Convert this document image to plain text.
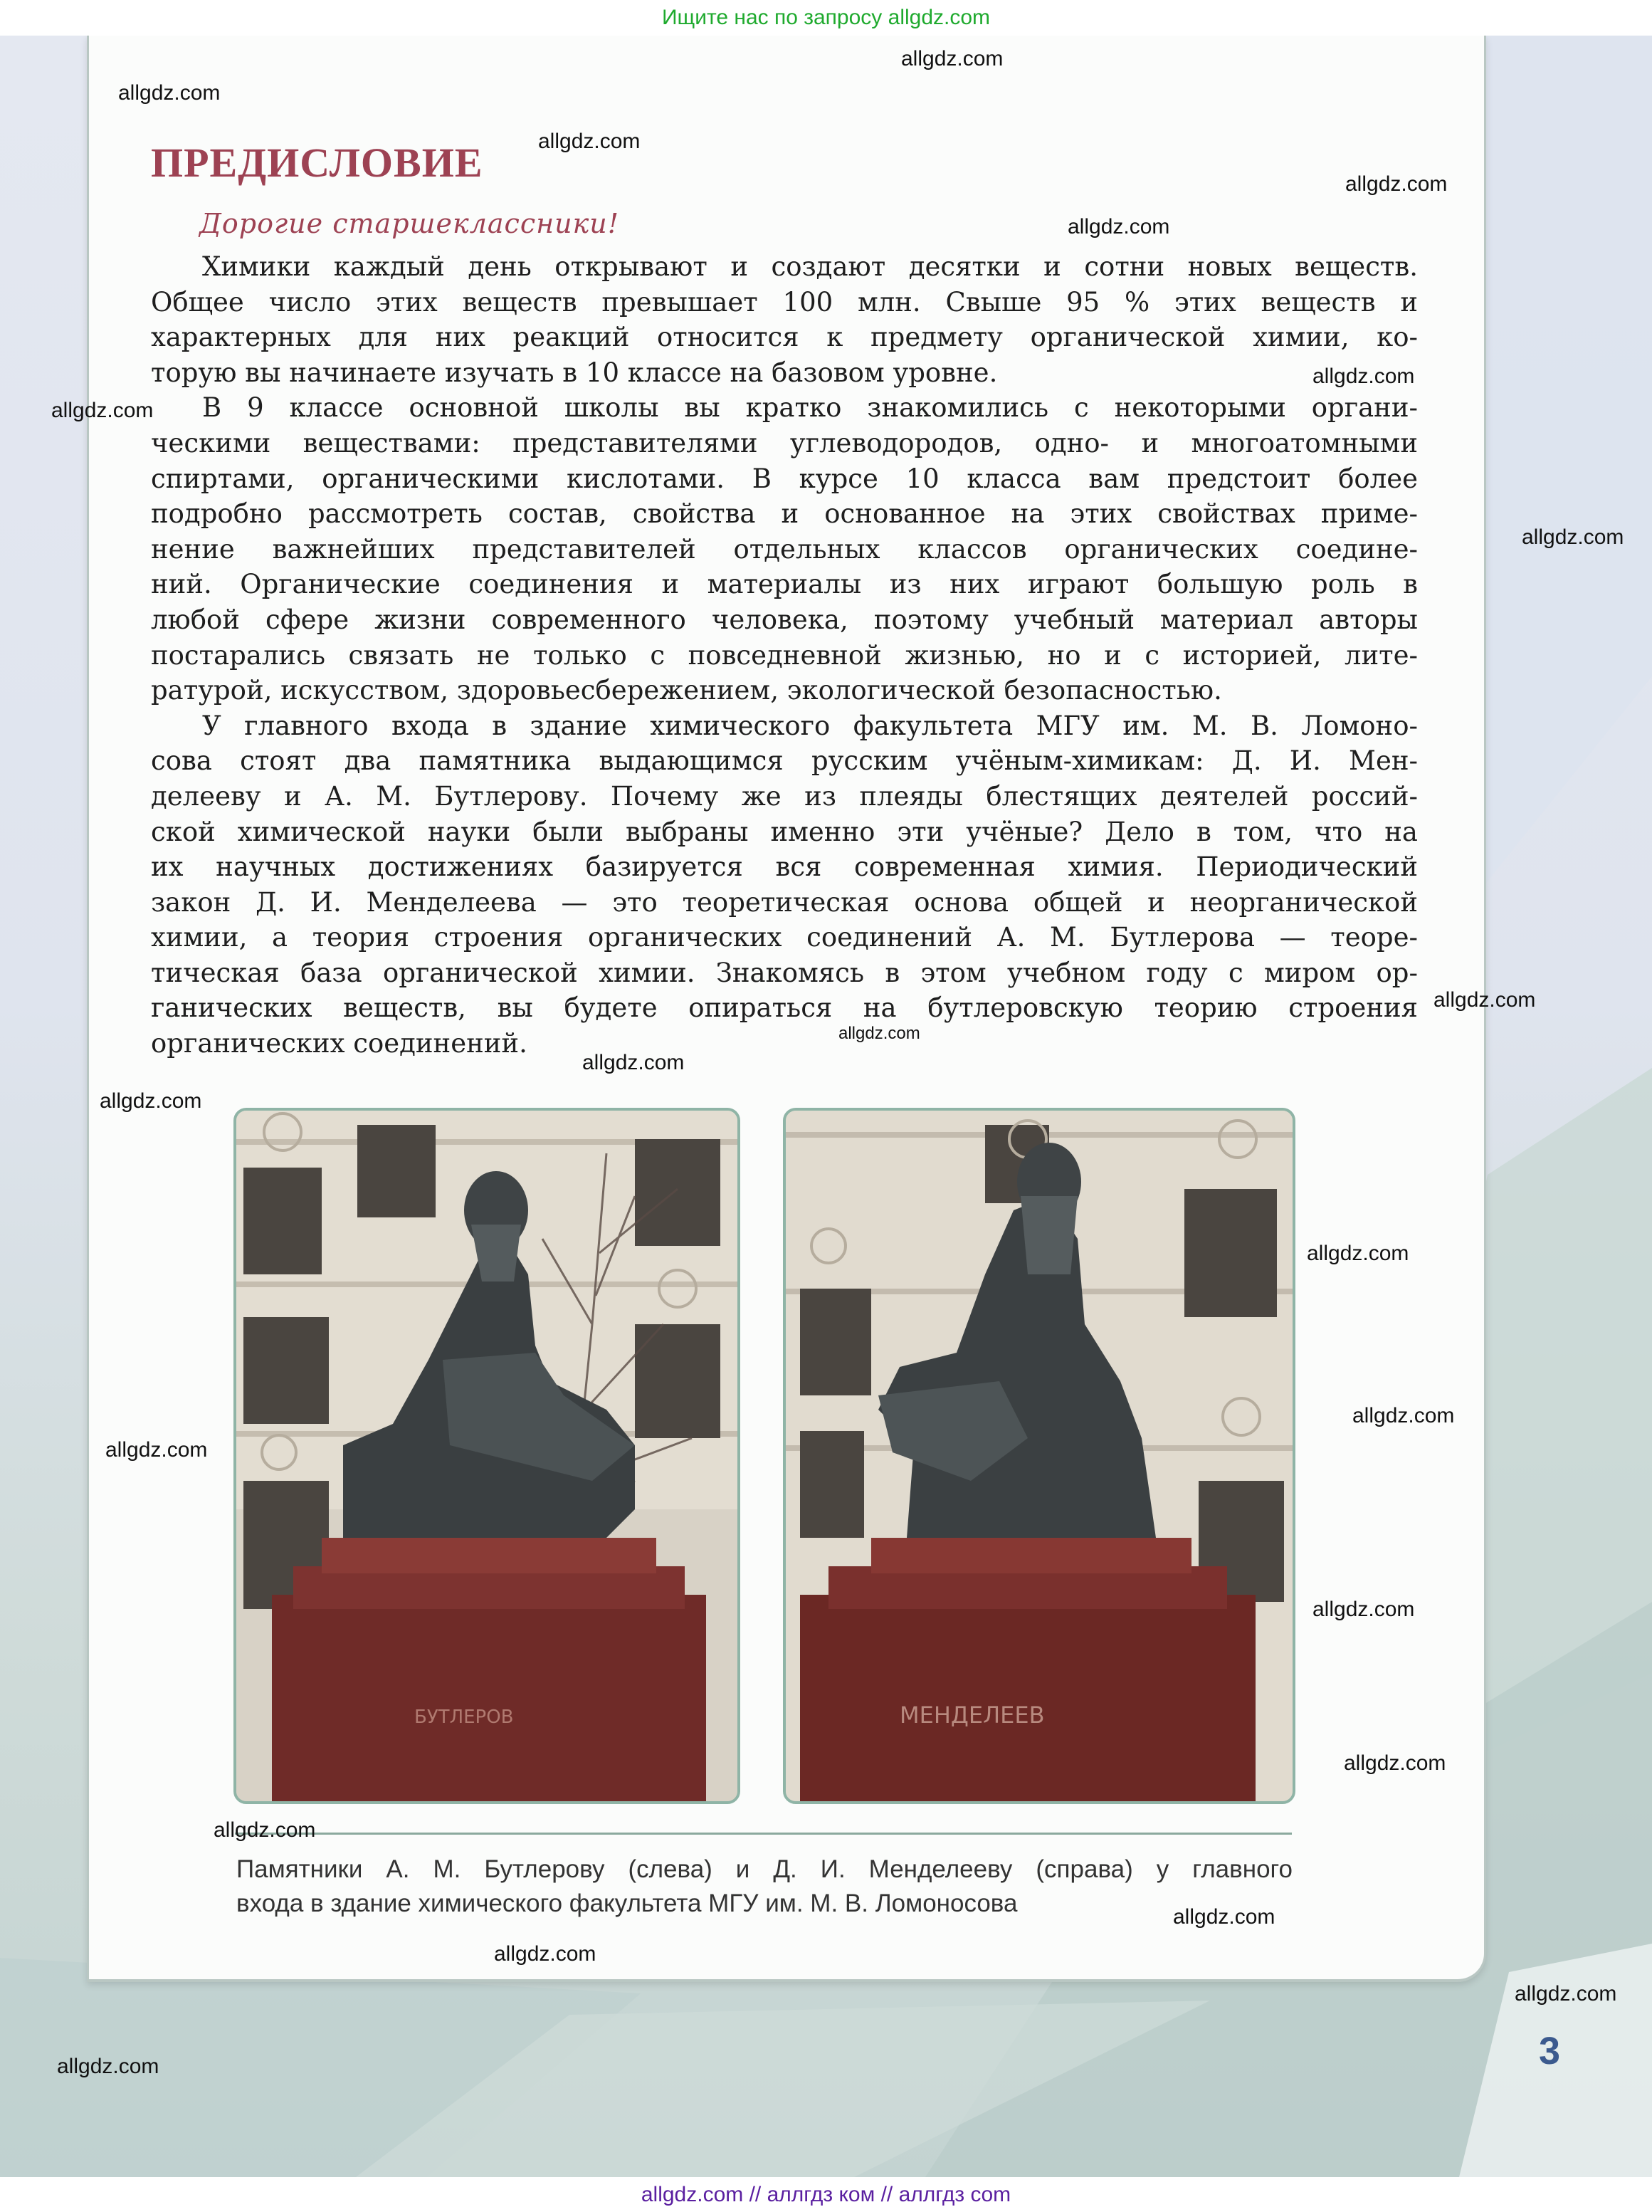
Ищите нас по запросу allgdz.com
ПРЕДИСЛОВИЕ

Дорогие старшеклассники!

Химики каждый день открывают и создают десятки и сотни новых веществ.
Общее число этих веществ превышает 100 млн. Свыше 95 % этих веществ и
характерных для них реакций относится к предмету органической химии, ко-
торую вы начинаете изучать в 10 классе на базовом уровне.
В 9 классе основной школы вы кратко знакомились с некоторыми органи-
ческими веществами: представителями углеводородов, одно- и многоатомными
спиртами, органическими кислотами. В курсе 10 класса вам предстоит более
подробно рассмотреть состав, свойства и основанное на этих свойствах приме-
нение важнейших представителей отдельных классов органических соедине-
ний. Органические соединения и материалы из них играют большую роль в
любой сфере жизни современного человека, поэтому учебный материал авторы
постарались связать не только с повседневной жизнью, но и с историей, лите-
ратурой, искусством, здоровьесбережением, экологической безопасностью.
У главного входа в здание химического факультета МГУ им. М. В. Ломоно-
сова стоят два памятника выдающимся русским учёным-химикам: Д. И. Мен-
делееву и А. М. Бутлерову. Почему же из плеяды блестящих деятелей россий-
ской химической науки были выбраны именно эти учёные? Дело в том, что на
их научных достижениях базируется вся современная химия. Периодический
закон Д. И. Менделеева — это теоретическая основа общей и неорганической
химии, а теория строения органических соединений А. М. Бутлерова — теоре-
тическая база органической химии. Знакомясь в этом учебном году с миром ор-
ганических веществ, вы будете опираться на бутлеровскую теорию строения
органических соединений.
БУТЛЕРОВ	МЕНДЕЛЕЕВ
Памятники А. М. Бутлерову (слева) и Д. И. Менделееву (справа) у главного
входа в здание химического факультета МГУ им. М. В. Ломоносова
3
allgdz.com
allgdz.com
allgdz.com
allgdz.com
allgdz.com
allgdz.com
allgdz.com
allgdz.com
allgdz.com
allgdz.com
allgdz.com
allgdz.com
allgdz.com
allgdz.com
allgdz.com
allgdz.com
allgdz.com
allgdz.com
allgdz.com
allgdz.com
allgdz.com
allgdz.com
allgdz.com // аллгдз ком // аллгдз com
